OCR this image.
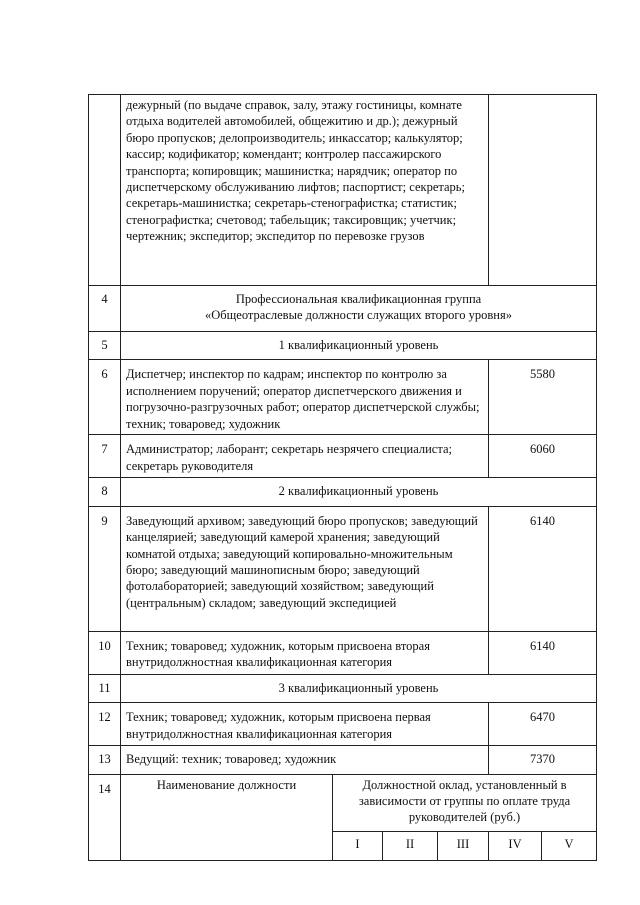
	дежурный (по выдаче справок, залу, этажу гостиницы, комнате отдыха водителей автомобилей, общежитию и др.); дежурный бюро пропусков; делопроизводитель; инкассатор; калькулятор; кассир; кодификатор; комендант; контролер пассажирского транспорта; копировщик; машинистка; нарядчик; оператор по диспетчерскому обслуживанию лифтов; паспортист; секретарь; секретарь-машинистка; секретарь-стенографистка; статистик; стенографистка; счетовод; табельщик; таксировщик; учетчик; чертежник; экспедитор; экспедитор по перевозке грузов					
4	Профессиональная квалификационная группа
«Общеотраслевые должности служащих второго уровня»					

5	1 квалификационный уровень					
6	Диспетчер; инспектор по кадрам; инспектор по контролю за исполнением поручений; оператор диспетчерского движения и погрузочно-разгрузочных работ; оператор диспетчерской службы; техник; товаровед; художник				5580	
7	Администратор; лаборант; секретарь незрячего специалиста; секретарь руководителя				6060	
8	2 квалификационный уровень					
9	Заведующий архивом; заведующий бюро пропусков; заведующий канцелярией; заведующий камерой хранения; заведующий комнатой отдыха; заведующий копировально-множительным бюро; заведующий машинописным бюро; заведующий фотолабораторией; заведующий хозяйством; заведующий (центральным) складом; заведующий экспедицией				6140	
10	Техник; товаровед; художник, которым присвоена вторая внутридолжностная квалификационная категория				6140	
11	3 квалификационный уровень					
12	Техник; товаровед; художник, которым присвоена первая внутридолжностная квалификационная категория				6470	
13	Ведущий: техник; товаровед; художник				7370	
14	Наименование должности	Должностной оклад, установленный в зависимости от группы по оплате труда руководителей (руб.)				
		I	II	III	IV	V
